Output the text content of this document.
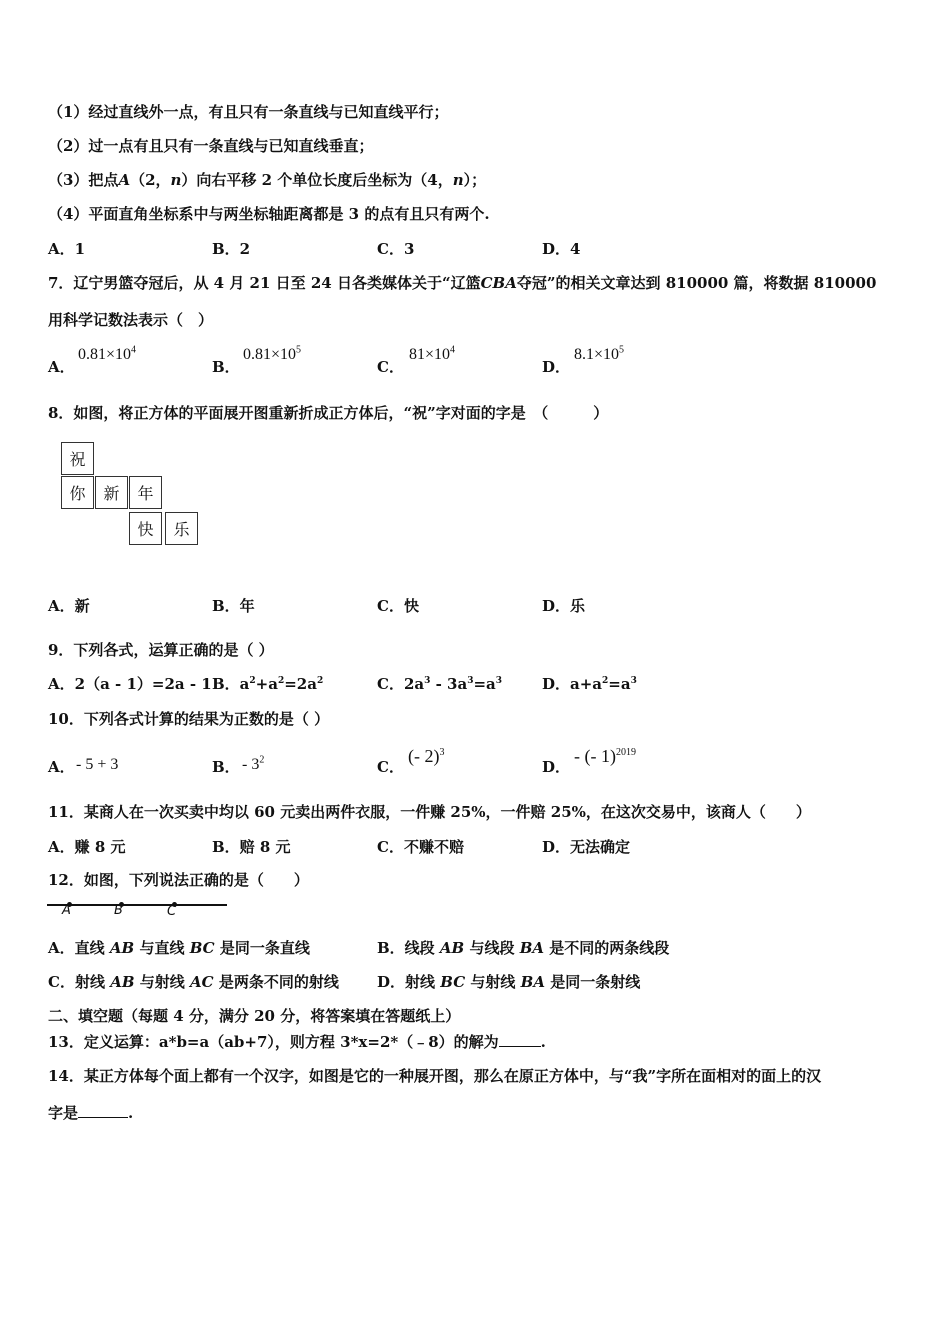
（1）经过直线外一点，有且只有一条直线与已知直线平行；
（2）过一点有且只有一条直线与已知直线垂直；
（3）把点A（2，n）向右平移 2 个单位长度后坐标为（4，n）；
（4）平面直角坐标系中与两坐标轴距离都是 3 的点有且只有两个.
A．1	B．2	C．3	D．4
7．辽宁男篮夺冠后，从 4 月 21 日至 24 日各类媒体关于“辽篮CBA夺冠”的相关文章达到 810000 篇，将数据 810000
用科学记数法表示（　）
A．
$0.81\times 10^4$
B．
$0.81\times 10^5$
C．
$81\times 10^4$
D．
$8.1\times 10^5$
8．如图，将正方体的平面展开图重新折成正方体后，“祝”字对面的字是　（　　　）
祝
你	新	年
快	乐
A．新	B．年	C．快	D．乐
9．下列各式，运算正确的是（ ）
A．2（a - 1）=2a - 1 B．$a^2+a^2=2a^2$	C．$2a^3 - 3a^3=a^3$	D．$a+a^2=a^3$
10．下列各式计算的结果为正数的是（ ）
A． - 5 + 3	B． - $3^2$	C．
(- 2)$^3$
D．
- (- 1)$^{2019}$
11．某商人在一次买卖中均以 60 元卖出两件衣服，一件赚 25%，一件赔 25%，在这次交易中，该商人（　　）
A．赚 8 元	B．赔 8 元	C．不赚不赔	D．无法确定
12．如图，下列说法正确的是（　　）
A	B	C
A．直线 AB 与直线 BC 是同一条直线	B．线段 AB 与线段 BA 是不同的两条线段
C．射线 AB 与射线 AC 是两条不同的射线	D．射线 BC 与射线 BA 是同一条射线
二、填空题（每题 4 分，满分 20 分，将答案填在答题纸上）
13．定义运算：a*b=a（ab+7），则方程 3*x=2*（﹣8）的解为	.
14．某正方体每个面上都有一个汉字，如图是它的一种展开图，那么在原正方体中，与“我”字所在面相对的面上的汉
字是	.
